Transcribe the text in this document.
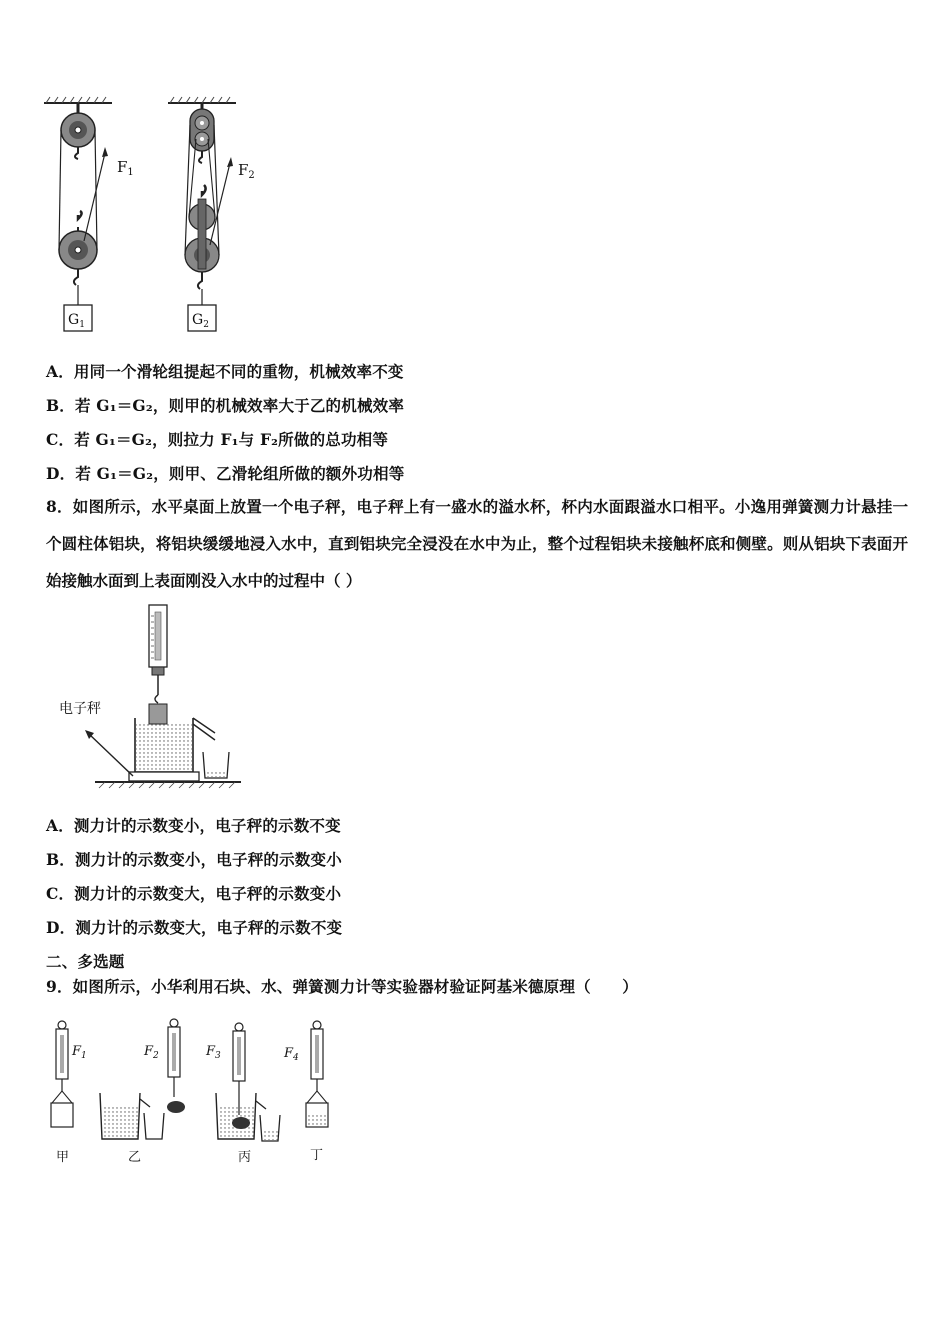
$F_1$
$G_1$
$F_2$
$G_2$
A．用同一个滑轮组提起不同的重物，机械效率不变
B．若 G₁＝G₂，则甲的机械效率大于乙的机械效率
C．若 G₁＝G₂，则拉力 F₁与 F₂所做的总功相等
D．若 G₁＝G₂，则甲、乙滑轮组所做的额外功相等
8．如图所示，水平桌面上放置一个电子秤，电子秤上有一盛水的溢水杯，杯内水面跟溢水口相平。小逸用弹簧测力计悬挂一个圆柱体铝块，将铝块缓缓地浸入水中，直到铝块完全浸没在水中为止，整个过程铝块未接触杯底和侧壁。则从铝块下表面开始接触水面到上表面刚没入水中的过程中（ ）
电子秤
A．测力计的示数变小，电子秤的示数不变
B．测力计的示数变小，电子秤的示数变小
C．测力计的示数变大，电子秤的示数变小
D．测力计的示数变大，电子秤的示数不变
二、多选题
9．如图所示，小华利用石块、水、弹簧测力计等实验器材验证阿基米德原理（　　）
$F_1$
甲
$F_2$
乙
$F_3$
丙
$F_4$
丁
